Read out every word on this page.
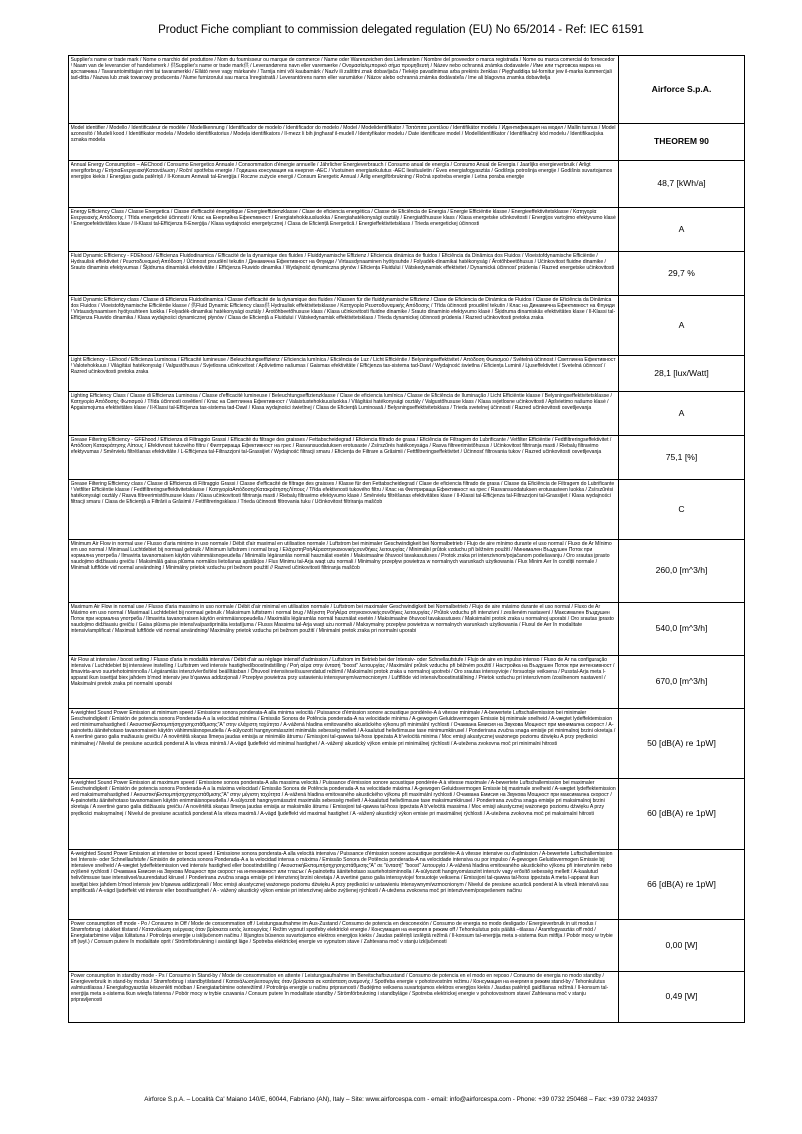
Product Fiche compliant to commission delegated regulation (EU) No 65/2014 - Ref: IEC 61591
Supplier's name or trade mark / Nome o marchio del produttore / Nom du fournisseur ou marque de commerce / Name oder Warenzeichen des Lieferanten / Nombre del proveedor o marca registrada / Nome ou marca comercial do fornecedor / Naam van de leverancier of handelsmerk / 供Supplier's name or trade mark供 / Leverandørens navn eller varemærke / Ονομασία/εμπορικό σήμα προμηθευτή / Název nebo ochranná známka dodavatele / Име или търговска марка на доставчика / Tavarantoimittajan nimi tai tavaramerkki / Ellátó neve vagy márkanév / Tarnija nimi või kaubamärk / Nazīv ili zaštitni znak dobavljača / Tiekėjo pavadinimas arba prekinis ženklas / Pięgħaddiqa tal-fornitur jew il-marka kummerċjali tad-ditta / Nazwa lub znak towarowy producenta / Nume furnizorului sau marca înregistrată / Leverantörens namn eller varumärke / Názov alebo ochranná známka dodávateľa / Ime ali blagovna znamka dobavitelja	Airforce S.p.A.

Model identifier / Modello / Identificateur de modèle / Modellkennung / Identificador de modelo / Identificador do modelo / Model / Modelidentifikator / Τσιτόπιτα μοντέλου / Identifikátor modelu / Идентификация на модел / Mallin tunnus / Model azonosító / Mudeli kood / Identifikator modela / Modelio identifikatorius / Modeļa identifikators / Il-mezz li bih jingħaraf il-mudell / Identyfikator modelu / Date identificare model / Modellidentifikator / Identifikačný kód modelu / Identifikacijska oznaka modela	THEOREM 90

Annual Energy Consumption – AEChood / Consumo Energetico Annuale / Consommation d'énergie annuelle / Jährlicher Energieverbrauch / Consumo anual de energía / Consumo Anual de Energia / Jaarlijks energieverbruik / Årligt energiforbrug / ΕτήσιαΕνεργειακήΚατανάλωση / Roční spotřeba energie / Годишна консумация на енергия -AEC / Vuotuinen energiankulutus -AEC liesituuletin / Éves energiafogyasztás / Godišnja potrošnja energije / Godišnis suvartojamos energijos kiekis / Energijas gada patēriņš / Il-Konsum Annwali tal-Enerġija / Roczne zużycie energii / Consum Energetic Annual / Årlig energiförbrukning / Ročná spotreba energie / Letna poraba energije	48,7 [kWh/a]

Energy Efficiency Class / Classe Energetica / Classe d'efficacité énergétique / Energieeffizienzklasse / Clase de eficiencia energética / Classe de Eficiência de Energia / Energie Efficiëntie klasse / Energieeffektivitetsklasse / Κατηγορία Ενεργειακής Απόδοσης / Třída energetické účinnosti / Клас на Енергийна Ефективност / Energiatehokkuusluokka / Energiahatékonysági osztály / Energiatõhususe klass / Klasa energetske učinkovitosti / Energijos vartojimo efektyvumo klasė / Energoefektivitātes klase / Il-Klassi tal-Effiċjenza fl-Enerġija / Klasa wydajności energetycznej / Clasa de Eficiență Energetică / Energieffektivitetsklass / Trieda energetickej účinnosti	A

Fluid Dynamic Efficiency - FDEhood / Efficienza Fluidodinamica / Efficacité de la dynamique des fluides / Fluiddynamische Effizienz / Eficiencia dinámica de fluidos / Eficiência da Dinâmica dos Fluidos / Vloeistofdynamische Efficiëntie / Hydraulisk effektivitet / Ρευστοδυναμική Απόδοση / Účinnost proudění tekutin / Динамична Ефективност на Флуиди / Virtausdynaaminen hyötysuhde / Folyadék-dinamikai hatékonyság / Ärotõhbeetõhusus / Učinkovitost fluidne dinamike / Srauto dinaminis efektyvumas / Šķidruma dinamiskā efektivitāte / Effiċjenza Fluwido dinamika / Wydajność dynamiczna płynów / Eficiența Fluidului / Vätskedynamisk effektivitet / Dynamická účinnosť prúdenia / Razred energetske učinkovitosti	29,7 %

Fluid Dynamic Efficiency class / Classe di Efficienza Fluidodinamica / Classe d'efficacité de la dynamique des fluides / Klassen für die fluiddynamische Effizienz / Clase de Eficiencia de Dinámica de Fluidos / Classe de Eficiência da Dinâmica dos Fluidos / Vloeistofdynamische Efficiëntie klasse / 供Fluid Dynamic Efficiency class供 Hydraulisk effektivitetsklasse / Κατηγορία Ρευστοδυναμικής Απόδοσης / Třída účinnosti proudění tekutin / Клас на Динамична Ефективност на Флуиди / Virtausdynaamisen hyötysuhteen luokka / Folyadék-dinamikai hatékonysági osztály / Ärotõhbeetõhususe klass / Klasa učinkovitosti fluidne dinamike / Srauto dinaminio efektyvumo klasė / Šķidruma dinamiskās efektivitātes klase / Il-Klassi tal-Effiċjenza Fluwido dinamika / Klasa wydajności dynamicznej płynów / Clasa de Eficiență a Fluidului / Vätskedynamisk effektivitetsklass / Trieda dynamickej účinnosti prúdenia / Razred učinkovitosti pretoka zraka	A

Light Efficiency - LEhood / Efficienza Luminosa / Efficacité lumineuse / Beleuchtungseffizienz / Eficiencia lumínica / Eficiência de Luz / Licht Efficiëntie / Belysningseffektivitet / Απόδοση Φωτισμού / Světelná účinnost / Светлинна Ефективност / Valotehokkuus / Világítási hatékonyság / Valgustõhusus / Svjetlosna učinkovitost / Apšvietimo našumas / Gaismas efektivitāte / Effiċjenza tas-sistema tad-Dawl / Wydajność świetlna / Eficiența Luminii / Ljuseffektivitet / Svetelná účinnosť / Razred učinkovitosti pretoka zraka	28,1 [lux/Watt]

Lighting Efficiency Class / Classe di Efficienza Luminosa / Classe d'efficacité lumineuse / Beleuchtungseffizienzklasse / Clase de eficiencia lumínica / Classe de Eficiência de Iluminação / Licht Efficiëntie klasse / Belysningseffektivitetsklasse / Κατηγορία Απόδοσης Φωτισμού / Třída účinnosti osvětlení / Клас на Светлинна Ефективност / Valaistustehokkuusluokka / Világítási hatékonysági osztály / Valgustõhususe klass / Klasa svjetlosne učinkovitosti / Apšvietimo našumo klasė / Apgaismojuma efektivitātes klase / Il-Klassi tal-Effiċjenza tas-sistema tad-Dawl / Klasa wydajności świetlnej / Clasa de Eficiență Luminoasă / Belysningseffektivitetsklass / Trieda svetelnej účinnosti / Razred učinkovitosti osvetljevanja	A

Grease Filtering Efficiency - GFEhood / Efficienza di Filtraggio Grassi / Efficacité du filtrage des graisses / Fettabscheidegrad / Eficiencia filtrado de grasa / Eficiência de Filtragem do Lubrificante / Vetfilter Efficiëntie / Fedtfiltreringseffektivitet / Απόδοση Κατακράτησης Λίπους / Efektivnost tukového filtru / Филтрираща Ефективност на грес / Rasvansuodatuksen erotusaste / Zsírszűrés hatékonysága / Rasva filtreerimistõhusus / Učinkovitost filtriranja masti / Riebalų filtravimo efektyvumas / Smērvielu filtrēšanas efektivitāte / L-Effiċjenza tal-Filtrazzjoni tal-Grassijiet / Wydajność filtracji smaru / Eficiența de Filtrare a Grăsimii / Fettfiltreringseffektivitet / Účinnosť filtrovania tukov / Razred učinkovitosti osvetljevanja	75,1 [%]

Grease Filtering Efficiency class / Classe di Efficienza di Filtraggio Grassi / Classe d'efficacité de filtrage des graisses / Klasse für den Fettabscheidegrad / Clase de eficiencia filtrado de grasa / Classe da Eficiência de Filtragem do Lubrificante / Vetfilter Efficiëntie klasse / Fedtfiltreringseffektivitetsklasse / ΚατηγορίαΑπόδοσηςΚατακράτησηςΛίπους / Třída efektivnosti tukového filtru / Клас на Филтрираща Ефективност на грес / Rasvansuodatuksen erotusasteen luokka / Zsírszűrési hatékonysági osztály / Rasva filtreerimistõhususe klass / Klasa učinkovitosti filtriranja masti / Riebalų filtravimo efektyvumo klasė / Smērvielu filtrēšanas efektivitātes klase / Il-Klassi tal-Effiċjenza tal-Filtrazzjoni tal-Grassijiet / Klasa wydajności filtracji smaru / Clasa de Eficiență a Filtrării a Grăsimii / Fettfiltreringsklass / Trieda účinnosti filtrovania tuku / Učinkovitost filtriranja maščob	C

Minimum Air Flow in normal use / Flusso d'aria minimo in uso normale / Débit d'air maximal en utilisation normale / Luftstrom bei minimaler Geschwindigkeit bei Normalbetrieb / Flujo de aire mínimo durante el uso normal / Fluxo de Ar Mínimo em uso normal / Minimaal Luchtdebiet bij normaal gebruik / Minimum luftstrøm i normal brug / ΕλάχιστηΡοήΑέραστηνκανονικήςσυνθήκες λειτουργίας / Minimální průtok vzduchu při běžném použití / Минимален Въздушен Поток при нормална употреба / Ilmavirta tavanomaisen käytön vähimmäisnopeudella / Minimális légáramlás normál használat esetén / Maksimaalne õhuvool tavakasutuses / Protok zraka pri intenzivnom/pojačanom podešavanju / Oro srautas įprasto naudojimo didžiausiu greičiu / Maksimālā gaisa plūsma normālos lietošanas apstākļos / Flus Minimu tal-Arja waqt użu normali / Minimalny przepływ powietrza w normalnych warunkach użytkowania / Flux Minim Aer în condiții normale / Minimalt luftflöde vid normal användning / Minimálny prietok vzduchu pri bežnom použití // Razred učinkovitosti filtriranja maščob	260,0 [m^3/h]

Maximum Air Flow in normal use / Flusso d'aria massimo in uso normale / Débit d'air minimal en utilisation normale / Luftstrom bei maximaler Geschwindigkeit bei Normalbetrieb / Flujo de aire máximo durante el uso normal / Fluxo de Ar Máximo em uso normal / Maximaal Luchtdebiet bij normaal gebruik / Maksimum luftstrøm i normal brug / Μέγιστη ΡοήΑέρα στηνκανονικήςσυνθήκες λειτουργίας / Průtok vzduchu při intenzivní / zesíleném nastavení / Максимален Въздушен Поток при нормална употреба / Ilmavirta tavanomaisen käytön enimmäisnopeudella / Maximális légáramlás normál használat esetén / Maksimaalne õhuvool tavakasutuses / Maksimalni protok zraka u normalnoj uporabi / Oro srautas įprasto naudojimo didžiausiu greičiu / Gaisa plūsma pie intensīva/pastiprināta iestatījuma / Flusss Massimu tal-Arja waqt użu normali / Maksymalny przepływ powietrza w normalnych warunkach użytkowania / Fluxul de Aer în modalitate intensiv/amplificat / Maximalt luftflöde vid normal användning/ Maximálny prietok vzduchu pri bežnom použití / Minimalni pretok zraka pri normalni uporabi	540,0 [m^3/h]

Air Flow at intensive / boost setting / Flusso d'aria in modalità intensiva / Débit d'air au réglage intensif d'admission / Luftstrom im Betrieb bei der Intensiv- oder Schnellaufstufe / Flujo de aire en impulso intenso / Fluxo de Ar na configuração intensiva / Luchtdebiet bij intensieve instelling / Luftstrøm ved intensiv hastighed/boostindstilling / Ροή αέρα στην έντασή "boost" λειτουργίας / Maximální průtok vzduchu při běžném použití / Настройка на Въздушен Поток при интензивност / Ilmavirta-arvo suurtehotoiminnolla / Légáramlás intenzív/erősítési beállításban / Õhuvool intensiivsel/suurendatud režiimil / Maksimalni protok zraka u normalnoj upotrebi / Oro srautas intensyvioje / forsuotoje veiksena / Pusstal-Arja meta l-apparat ikun issettjat biex jaħdem b'mod intensiv jew b'qawwa addizzjonali / Przepływ powietrza przy ustawieniu intensywnym/wzmocnionym / Luftflöde vid intensiv/boostinställning / Prietok vzduchu pri intenzívnom /zosilnenom nastavení / Maksimalni pretok zraka pri normalni uporabi	670,0 [m^3/h]

A-weighted Sound Power Emission at minimum speed / Emissione sonora ponderata-A alla minima velocità / Puissance d'émission sonore acoustique pondérée-A à vitesse minimale / A-bewertete Luftschallemission bei minimaler Geschwindigkeit / Emisión de potencia sonora Ponderada-A a la velocidad mínima / Emissão Sonora de Potência ponderada-A na velocidade mínima / A-gewogen Geluidsvermogen Emissie bij minimale snelheid / A-vægtet lydeffektemission ved minimumshastighed / ΑκουστικήΕκπομπήσηχησηςστάθμισης"A" στην ελάχιστη ταχύτητα / A-vážená hladina emitovaného akustického výkonu při minimální rychlosti / Очаквана Емисия на Звукова Мощност при минимална скорост / A-painotettu äänitehotaso tavanomaisen käytön vähimmäisnopeudella / A-súlyozott hangnyomásszint minimális sebesség mellett / A-kaalutud helivõimsuse tase minimumkiirusel / Ponderirana zvučna snaga emisije pri minimalnoj brzini okretaja / A svertinė garso galia mažiausiu greičiu / A novērtētā skaņas līmeņa jaudas emisija ar minimālo ātrumu / Emissjoni tal-qawwa tal-ħoss ippeżata A b'veloċità minima / Moc emisji akustycznej ważonego poziomu dźwięku A przy prędkości minimalnej / Nivelul de presiune acustică ponderat A la viteza minimă / A-vägd ljudeffekt vid minimal hastighet / A -vážený akustický výkon emisie pri minimálnej rýchlosti / A-utežena zvokovna moč pri minimalni hitrosti	50 [dB(A) re 1pW]

A-weighted Sound Power Emission at maximum speed / Emissione sonora ponderata-A alla massima velocità / Puissance d'émission sonore acoustique pondérée-A à vitesse maximale / A-bewertete Luftschallemission bei maximaler Geschwindigkeit / Emisión de potencia sonora Ponderada-A a la máxima velocidad / Emissão Sonora de Potência ponderada-A na velocidade máxima / A-gewogen Geluidsvermogen Emissie bij maximale snelheid / A-vægtet lydeffektemission ved maksimumshastighed / ΑκουστικήΕκπομπήσηχησηςστάθμισης"A" στην μέγιστη ταχύτητα / A-vážená hladina emitovaného akustického výkonu při maximální rychlosti / Очаквана Емисия на Звукова Мощност при максимална скорост / A-painotettu äänitehotaso tavanomaisen käytön enimmäisnopeudella / A-súlyozott hangnyomásszint maximális sebesség mellett / A-kaalutud helivõimsuse tase maksimumkiirusel / Ponderirana zvučna snaga emisije pri maksimalnoj brzini okretaja / A svertinė garso galia didžiausiu greičiu / A novērtētā skaņas līmeņa jaudas emisija ar maksimālo ātrumu / Emissjoni tal-qawwa tal-ħoss ippeżata A b'veloċità massima / Moc emisji akustycznej ważonego poziomu dźwięku A przy prędkości maksymalnej / Nivelul de presiune acustică ponderat A la viteza maximă / A-vägd ljudeffekt vid maximal hastighet / A -vážený akustický výkon emisie pri maximálnej rýchlosti / A-utežena zvokovna moč pri maksimalni hitrosti	60 [dB(A) re 1pW]

A-weighted Sound Power Emission at intensive or boost speed / Emissione sonora ponderata-A alla velocità intensiva / Puissance d'émission sonore acoustique pondérée-A à vitesse intensive ou d'admission / A-bewertete Luftschallemission bei Intensiv- oder Schnellaufstufe / Emisión de potencia sonora Ponderada-A a la velocidad intensa o máxima / Emissão Sonora de Potência ponderada-A na velocidade intensiva ou por impulso / A-gewogen Geluidsvermogen Emissie bij intensieve snelheid / A-vægtet lydeffektemission ved intensiv hastighed eller boostindstilling / ΑκουστικήΕκπομπήσηχησηςστάθμισης"A" σε "έντασή" "boost" λειτουργία / A-vážená hladina emitovaného akustického výkonu při intenzivním nebo zvýšené rychlosti / Очаквана Емисия на Звукова Мощност при скорост на интензивност или тласък / A-painotettu äänitehotaso suurtehotoiminnolla / A-súlyozott hangnyomásszint intenzív vagy erősítő sebesség mellett / A-kaalutud helivõimsuse tase intensiivsel/suurendatud kiirusel / Ponderirana zvučna snaga emisije pri intenzivnoj brzini okretaja / A svertinė garso galia intensyvioje/ forsuotoje veiksena / Emissjoni tal-qawwa tal-ħoss ippeżata A meta l-apparat ikun issettjat biex jaħdem b'mod intensiv jew b'qawwa addizzjonali / Moc emisji akustycznej ważonego poziomu dźwięku A przy prędkości w ustawieniu intensywnym/wzmocnionym / Nivelul de presiune acustică ponderat A la viteză intensivă sau amplificată / A-vägd ljudeffekt vid intensiv eller boosthastighet / A - vážený akustický výkon emisie pri intenzívnej alebo zvýšenej rýchlosti / A-utežena zvokovna moč pri intenzivnem/pospešenem načinu	66 [dB(A) re 1pW]

Power consumption off mode - Po / Consumo in Off / Mode de consommation off / Leistungsaufnahme im Aus-Zustand / Consumo de potencia en desconexión / Consumo de energia no modo desligado / Energieverbruik in uit modus / Strømforbrug i slukket tilstand / Κατανάλωση ενέργειας όταν βρίσκεται εκτός λειτουργίας / Režim vypnutí spotřeby elektrické energie / Консумация на енергия в режим off / Tehonkulutus pois päältä –tilassa / Áramfogyasztás off mód / Energiatarbimine väljas lülitatuna / Potrošnja energije u isključenom načinu / Išjungtos būsenos suvartojamos elektros energijos kiekis / Jaudas patēriņš izslēgtā režīmā / Il-konsum tal-enerġija meta s-sistema tkun mitfija / Pobór mocy w trybie off (wył.) / Consum putere în modalitate oprit / Strömförbrukning i avstängt läge / Spotreba elektrickej energie vo vypnutom stave / Zahtevana moč v stanju izključenosti	0,00 [W]

Power consumption in standby mode - Ps / Consumo in Stand-by / Mode de consommation en attente / Leistungsaufnahme im Bereitschaftszustand / Consumo de potencia en el modo en reposo / Consumo de energia no modo standby / Energieverbruik in stand-by modus / Strømforbrug i standbytilstand / Κατανάλωσηλειτουργίας όταν βρίσκεται σε κατάσταση αναμονής / Spotřeba energie v pohotovostním režimu / Консумация на енергия в режим stand-by / Tehonkulutus valmiustilassa / Energiafogyasztás készenléti módban / Energiatarbimine ooterežiimil / Potrošnja energije u načinu pripravnosti / Budėjimo veiksena suvartojamos elektros energijos kiekis / Jaudas patēriņš gaidīšanas režīmā / Il-konsum tal-enerġija meta s-sistema tkun wieqfa tistenna / Pobór mocy w trybie czuwania / Consum putere în modalitate standby / Strömförbrukning i standbyläge / Spotreba elektrickej energie v pohotovostnom stave/ Zahtevana moč v stanju pripravljenosti	0,49 [W]
Airforce S.p.A. – Località Ca' Maiano 140/E, 60044, Fabriano (AN), Italy – Site: www.airforcespa.com - email: info@airforcespa.com - Phone: +39 0732 250468 – Fax: +39 0732 249337
